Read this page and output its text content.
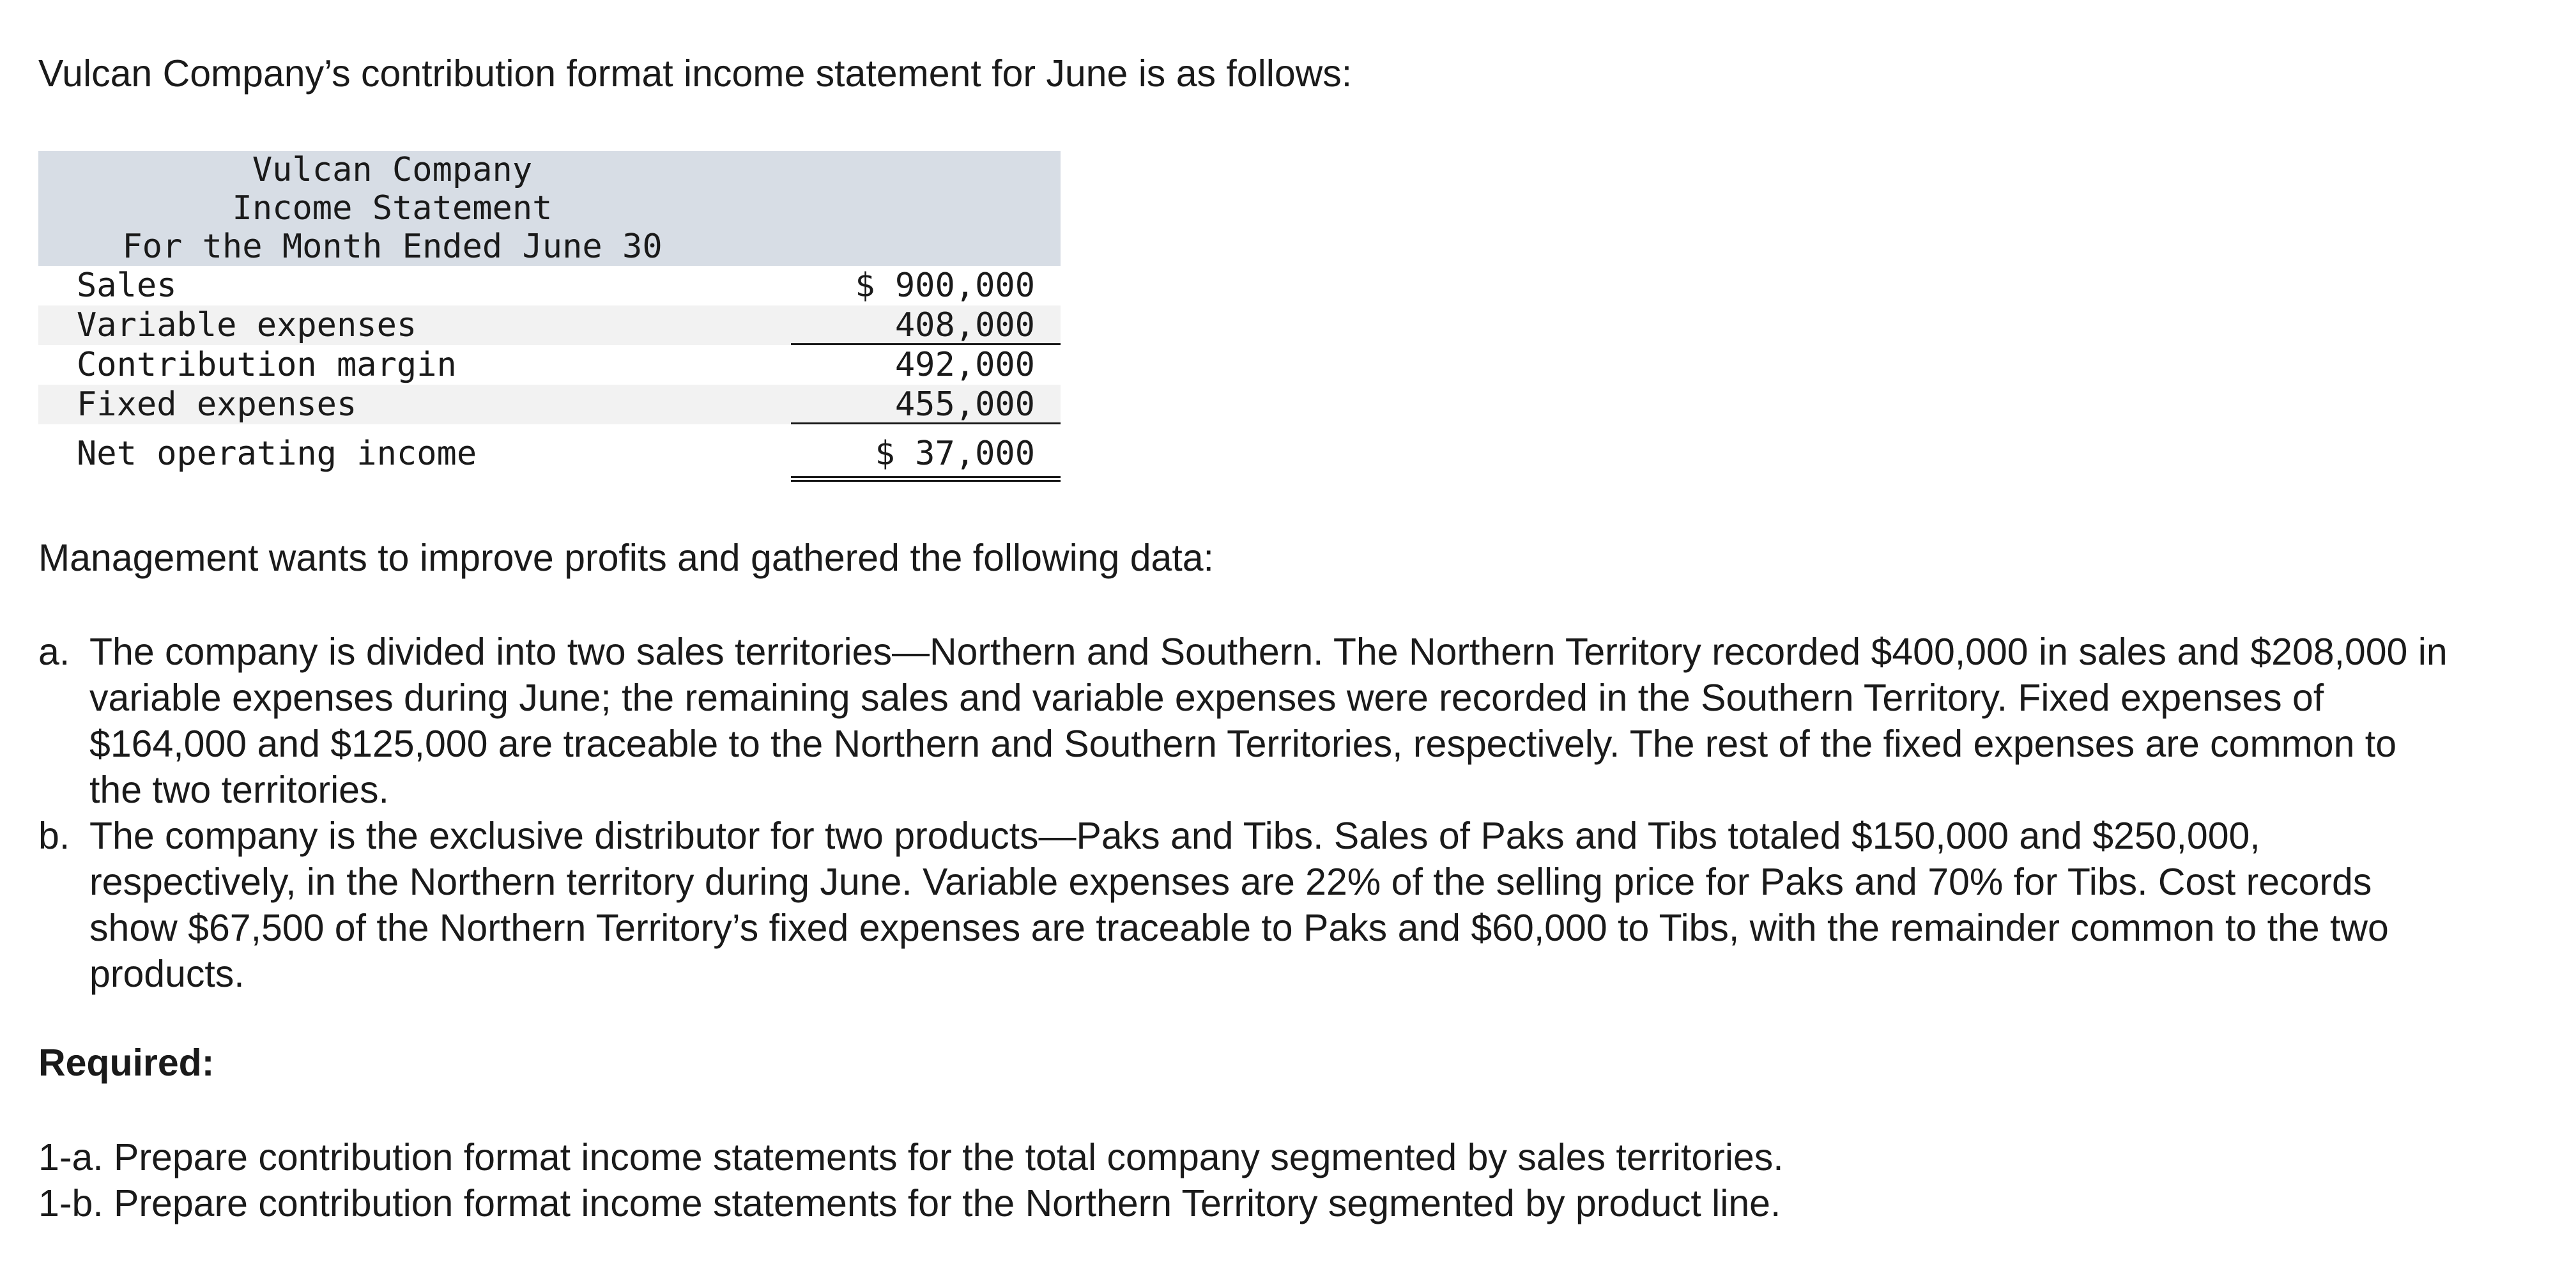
Vulcan Company’s contribution format income statement for June is as follows:
Vulcan Company
Income Statement
For the Month Ended June 30
Sales	$ 900,000
Variable expenses	408,000
Contribution margin	492,000
Fixed expenses	455,000
Net operating income	$ 37,000
Management wants to improve profits and gathered the following data:
a. The company is divided into two sales territories—Northern and Southern. The Northern Territory recorded $400,000 in sales and $208,000 in variable expenses during June; the remaining sales and variable expenses were recorded in the Southern Territory. Fixed expenses of $164,000 and $125,000 are traceable to the Northern and Southern Territories, respectively. The rest of the fixed expenses are common to the two territories.
b. The company is the exclusive distributor for two products—Paks and Tibs. Sales of Paks and Tibs totaled $150,000 and $250,000, respectively, in the Northern territory during June. Variable expenses are 22% of the selling price for Paks and 70% for Tibs. Cost records show $67,500 of the Northern Territory’s fixed expenses are traceable to Paks and $60,000 to Tibs, with the remainder common to the two products.
Required:
1-a. Prepare contribution format income statements for the total company segmented by sales territories.
1-b. Prepare contribution format income statements for the Northern Territory segmented by product line.
